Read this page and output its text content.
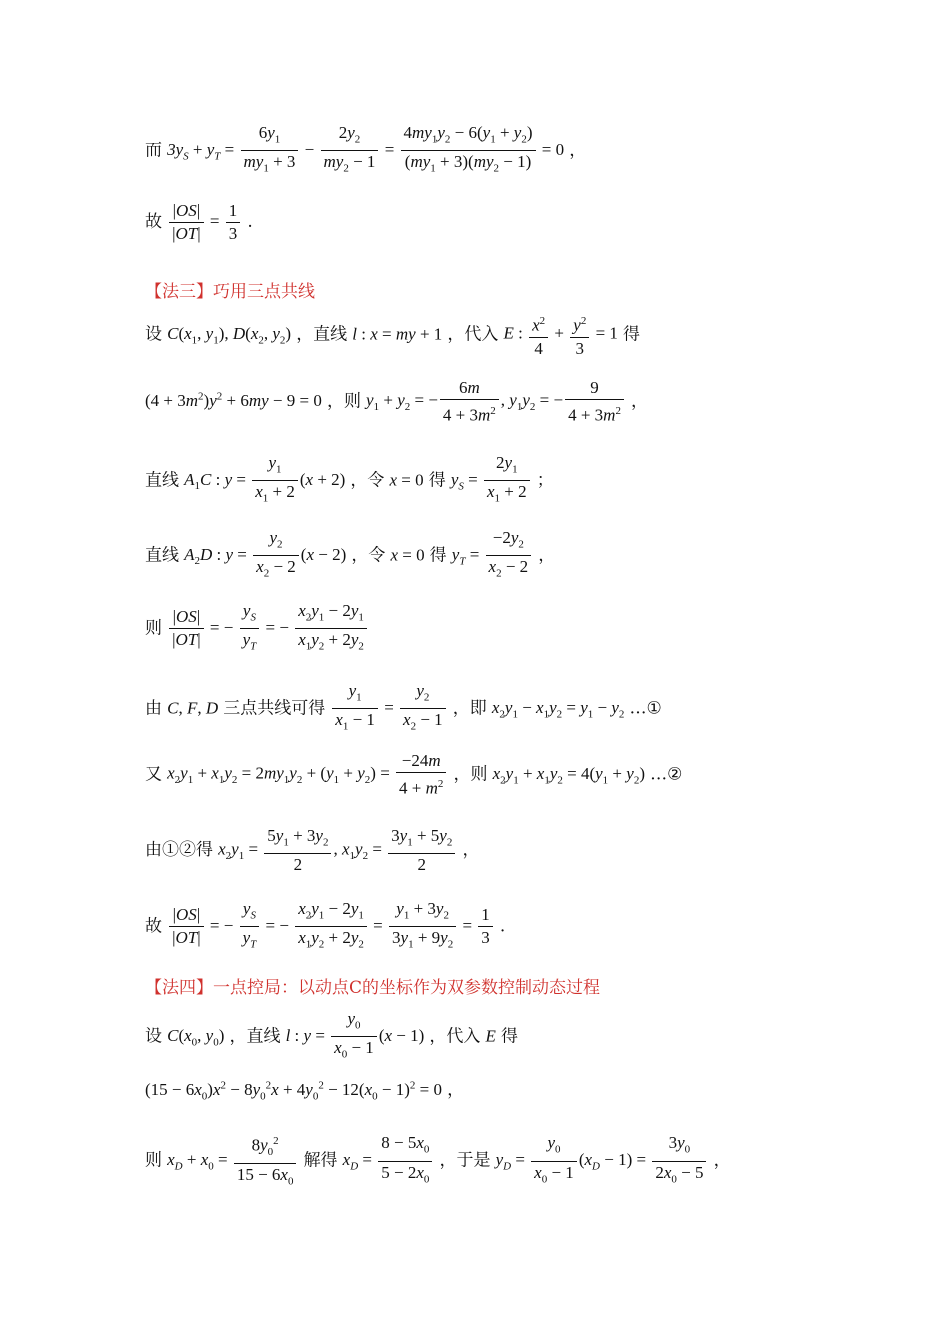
而 $3y_S + y_T = \frac{6y_1}{my_1 + 3} - \frac{2y_2}{my_2 - 1} = \frac{4my_1y_2 - 6(y_1 + y_2)}{(my_1 + 3)(my_2 - 1)} = 0$ ，
故 $\frac{|OS|}{|OT|} = \frac{1}{3}$ .
【法三】巧用三点共线
设 $C(x_1$, $y_1$), $D(x_2$, $y_2$) ，直线 l : x = my + 1 ，代入 E : $\frac{x^2}{4} + \frac{y^2}{3} = 1$ 得
$(4 + 3m^2)y^2 + 6my - 9 = 0$ ，则 $y_1 + y_2$ = − $\frac{6m}{4 + 3m^2}$ , $y_1y_2$ = − $\frac{9}{4 + 3m^2}$ ，
直线 $A_1C$ : $y = \frac{y_1}{x_1 + 2} (x + 2)$ ，令 x = 0 得 $y_S = \frac{2y_1}{x_1 + 2}$ ；
直线 $A_2D$ : $y = \frac{y_2}{x_2 - 2} (x - 2)$ ，令 x = 0 得 $y_T = \frac{-2y_2}{x_2 - 2}$ ，
则 $\frac{|OS|}{|OT|}$ = − $\frac{y_S}{y_T}$ = − $\frac{x_2y_1 - 2y_1}{x_1y_2 + 2y_2}$
由 C, F, D 三点共线可得 $\frac{y_1}{x_1 - 1} = \frac{y_2}{x_2 - 1}$ ，即 $x_2y_1 - x_1y_2 = y_1 - y_2$ …①
又 $x_2y_1 + x_1y_2 = 2my_1y_2 + (y_1 + y_2) = \frac{-24m}{4 + m^2}$ ，则 $x_2y_1 + x_1y_2 = 4(y_1 + y_2)$ …②
由①②得 $x_2y_1 = \frac{5y_1 + 3y_2}{2}$ , $x_1y_2 = \frac{3y_1 + 5y_2}{2}$ ，
故 $\frac{|OS|}{|OT|}$ = − $\frac{y_S}{y_T}$ = − $\frac{x_2y_1 - 2y_1}{x_1y_2 + 2y_2} = \frac{y_1 + 3y_2}{3y_1 + 9y_2} = \frac{1}{3}$ .
【法四】一点控局：以动点C的坐标作为双参数控制动态过程
设 $C(x_0$, $y_0$) ，直线 l : $y = \frac{y_0}{x_0 - 1} (x - 1)$ ，代入 E 得
$(15 - 6x_0)x^2 - 8y_0^2x + 4y_0^2 - 12(x_0 - 1)^2 = 0$ ，
则 $x_D + x_0 = \frac{8y_0^2}{15 - 6x_0}$ 解得 $x_D = \frac{8 - 5x_0}{5 - 2x_0}$ ，于是 $y_D = \frac{y_0}{x_0 - 1} (x_D - 1) = \frac{3y_0}{2x_0 - 5}$ ，
